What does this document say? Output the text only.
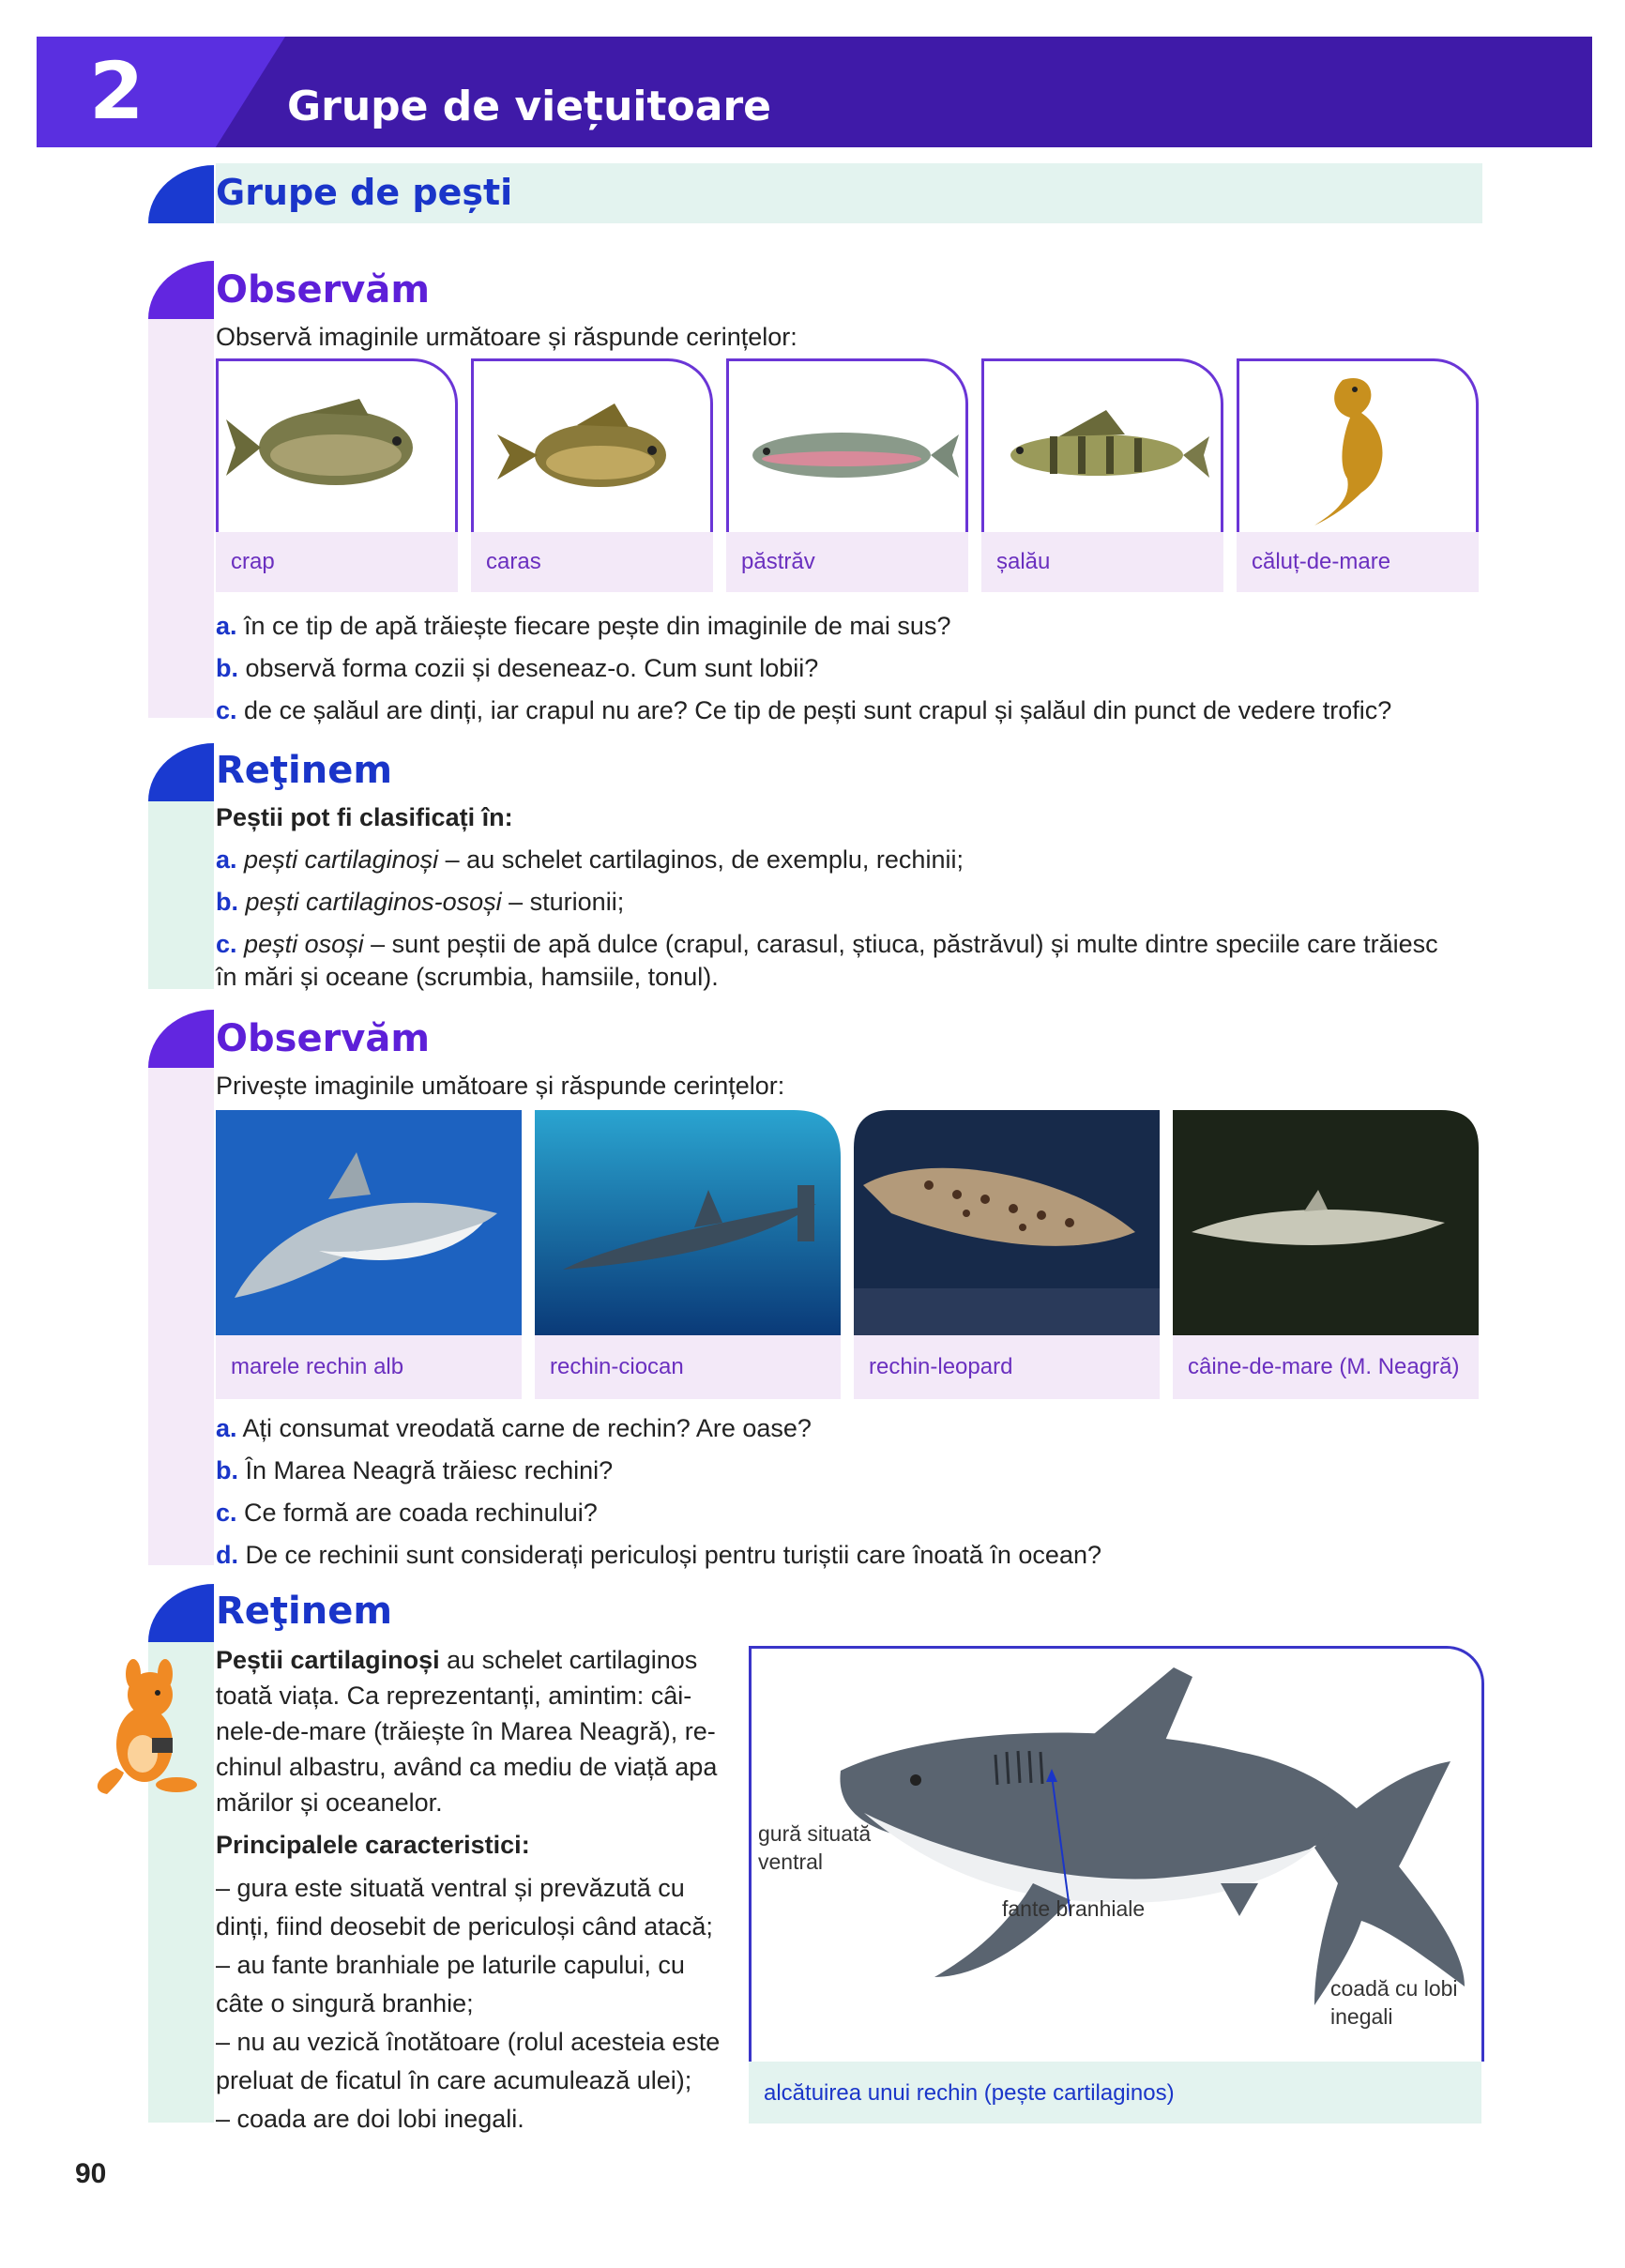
2	Grupe de viețuitoare
Grupe de pești
Observăm
Observă imaginile următoare și răspunde cerințelor:
crap	caras	păstrăv	șalău	căluț-de-mare
a. în ce tip de apă trăiește fiecare pește din imaginile de mai sus?
b. observă forma cozii și deseneaz-o. Cum sunt lobii?
c. de ce șalăul are dinți, iar crapul nu are? Ce tip de pești sunt crapul și șalăul din punct de vedere trofic?
Reţinem
Peștii pot fi clasificați în:
a. pești cartilaginoși – au schelet cartilaginos, de exemplu, rechinii;
b. pești cartilaginos-osoși – sturionii;
c. pești osoși – sunt peștii de apă dulce (crapul, carasul, știuca, păstrăvul) și multe dintre speciile care trăiesc
în mări și oceane (scrumbia, hamsiile, tonul).
Observăm
Privește imaginile umătoare și răspunde cerințelor:
marele rechin alb	rechin-ciocan	rechin-leopard	câine-de-mare (M. Neagră)
a. Ați consumat vreodată carne de rechin? Are oase?
b. În Marea Neagră trăiesc rechini?
c. Ce formă are coada rechinului?
d. De ce rechinii sunt considerați periculoși pentru turiștii care înoată în ocean?
Reţinem
Peștii cartilaginoși au schelet cartilaginos
toată viața. Ca reprezentanți, amintim: câi-
nele-de-mare (trăiește în Marea Neagră), re-
chinul albastru, având ca mediu de viață apa
mărilor și oceanelor.
Principalele caracteristici:
– gura este situată ventral și prevăzută cu
dinți, fiind deosebit de periculoși când atacă;
– au fante branhiale pe laturile capului, cu
câte o singură branhie;
– nu au vezică înotătoare (rolul acesteia este
preluat de ficatul în care acumulează ulei);
– coada are doi lobi inegali.
gură situată
ventral
fante branhiale
coadă cu lobi
inegali
alcătuirea unui rechin (pește cartilaginos)
90
